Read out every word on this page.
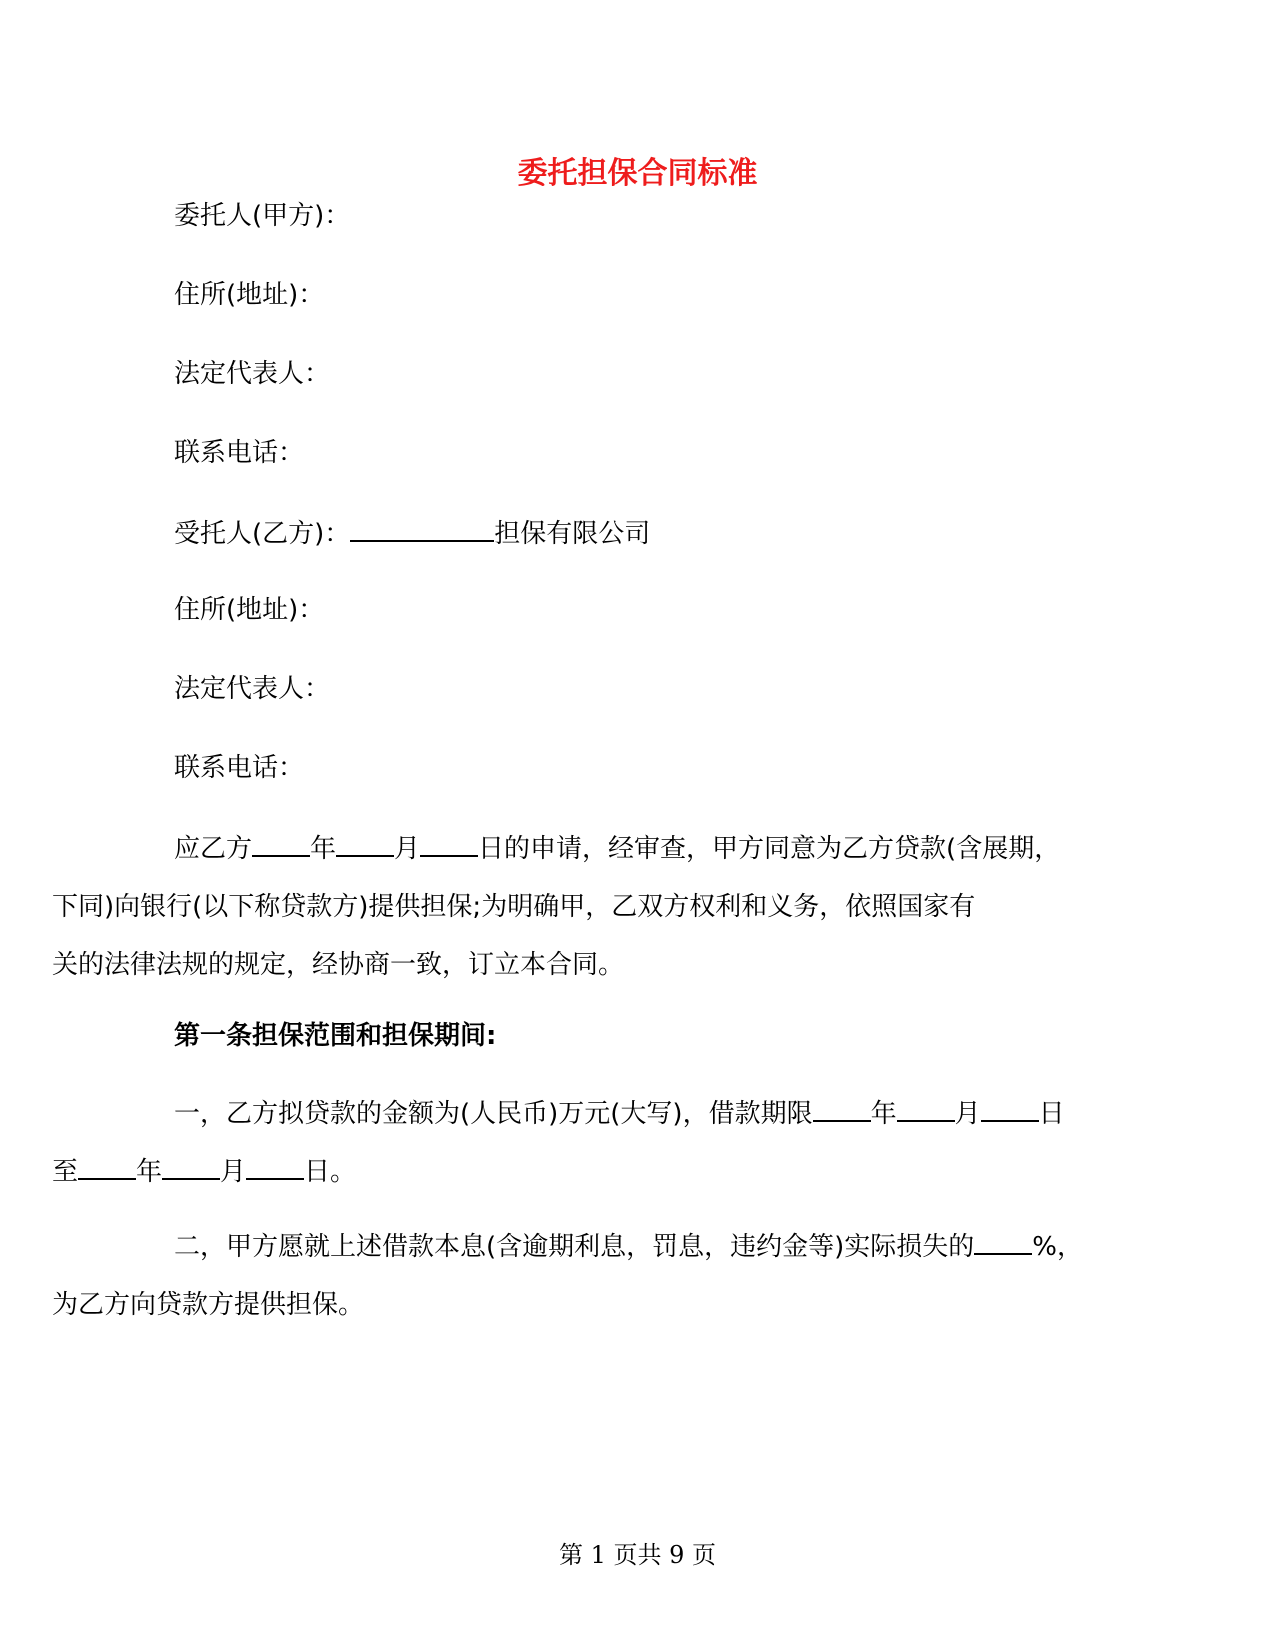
委托担保合同标准
委托人(甲方)：
住所(地址)：
法定代表人：
联系电话：
受托人(乙方)：	担保有限公司
住所(地址)：
法定代表人：
联系电话：
应乙方 年 月 日的申请，经审查，甲方同意为乙方贷款(含展期，
下同)向银行(以下称贷款方)提供担保;为明确甲，乙双方权利和义务，依照国家有
关的法律法规的规定，经协商一致，订立本合同。
第一条担保范围和担保期间:
一，乙方拟贷款的金额为(人民币)万元(大写)，借款期限 年 月 日
至 年 月 日。
二，甲方愿就上述借款本息(含逾期利息，罚息，违约金等)实际损失的 %，
为乙方向贷款方提供担保。
第 1 页共 9 页
